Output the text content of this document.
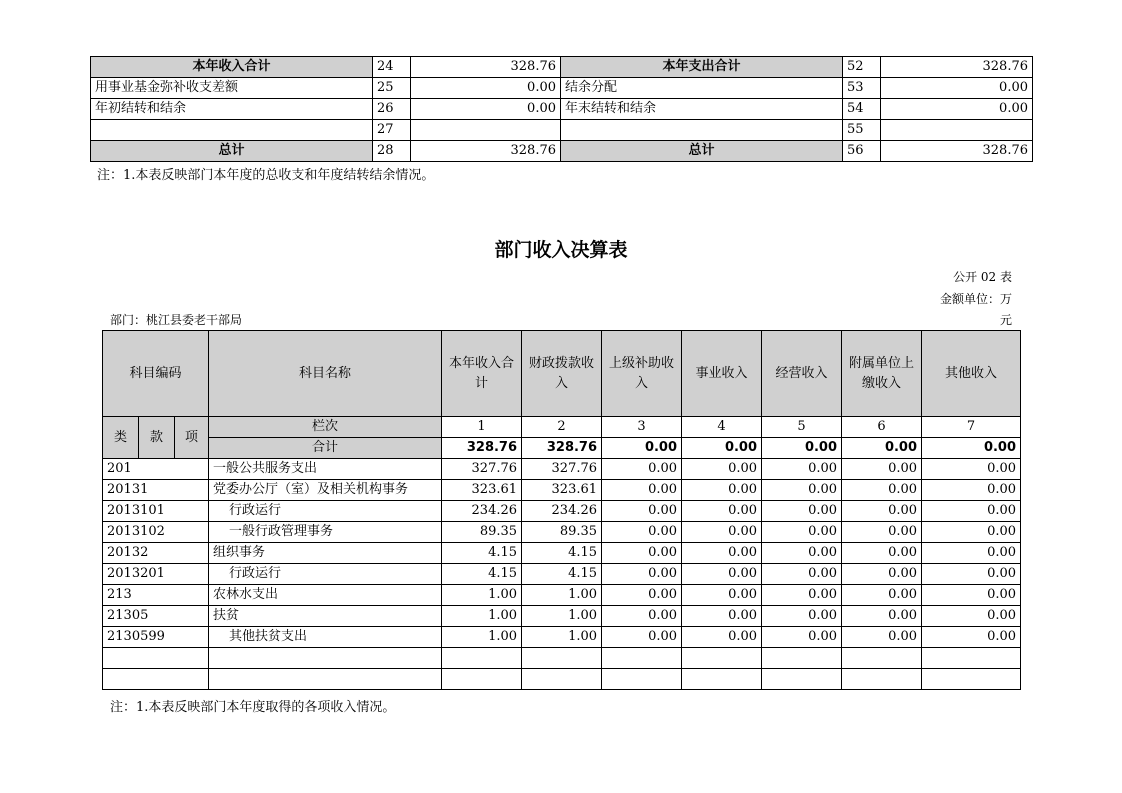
本年收入合计	24	328.76	本年支出合计	52	328.76
用事业基金弥补收支差额	25	0.00	结余分配	53	0.00
年初结转和结余	26	0.00	年末结转和结余	54	0.00
	27			55	
总计	28	328.76	总计	56	328.76
注：1.本表反映部门本年度的总收支和年度结转结余情况。
部门收入决算表
公开 02 表
金额单位：万
元
部门：桃江县委老干部局
科目编码			科目名称	本年收入合计	财政拨款收入	上级补助收入	事业收入	经营收入	附属单位上缴收入	其他收入
类	款	项	栏次	1	2	3	4	5	6	7
			合计	328.76	328.76	0.00	0.00	0.00	0.00	0.00
201			一般公共服务支出	327.76	327.76	0.00	0.00	0.00	0.00	0.00
20131			党委办公厅（室）及相关机构事务	323.61	323.61	0.00	0.00	0.00	0.00	0.00
2013101			行政运行	234.26	234.26	0.00	0.00	0.00	0.00	0.00
2013102			一般行政管理事务	89.35	89.35	0.00	0.00	0.00	0.00	0.00
20132			组织事务	4.15	4.15	0.00	0.00	0.00	0.00	0.00
2013201			行政运行	4.15	4.15	0.00	0.00	0.00	0.00	0.00
213			农林水支出	1.00	1.00	0.00	0.00	0.00	0.00	0.00
21305			扶贫	1.00	1.00	0.00	0.00	0.00	0.00	0.00
2130599			其他扶贫支出	1.00	1.00	0.00	0.00	0.00	0.00	0.00

注：1.本表反映部门本年度取得的各项收入情况。
